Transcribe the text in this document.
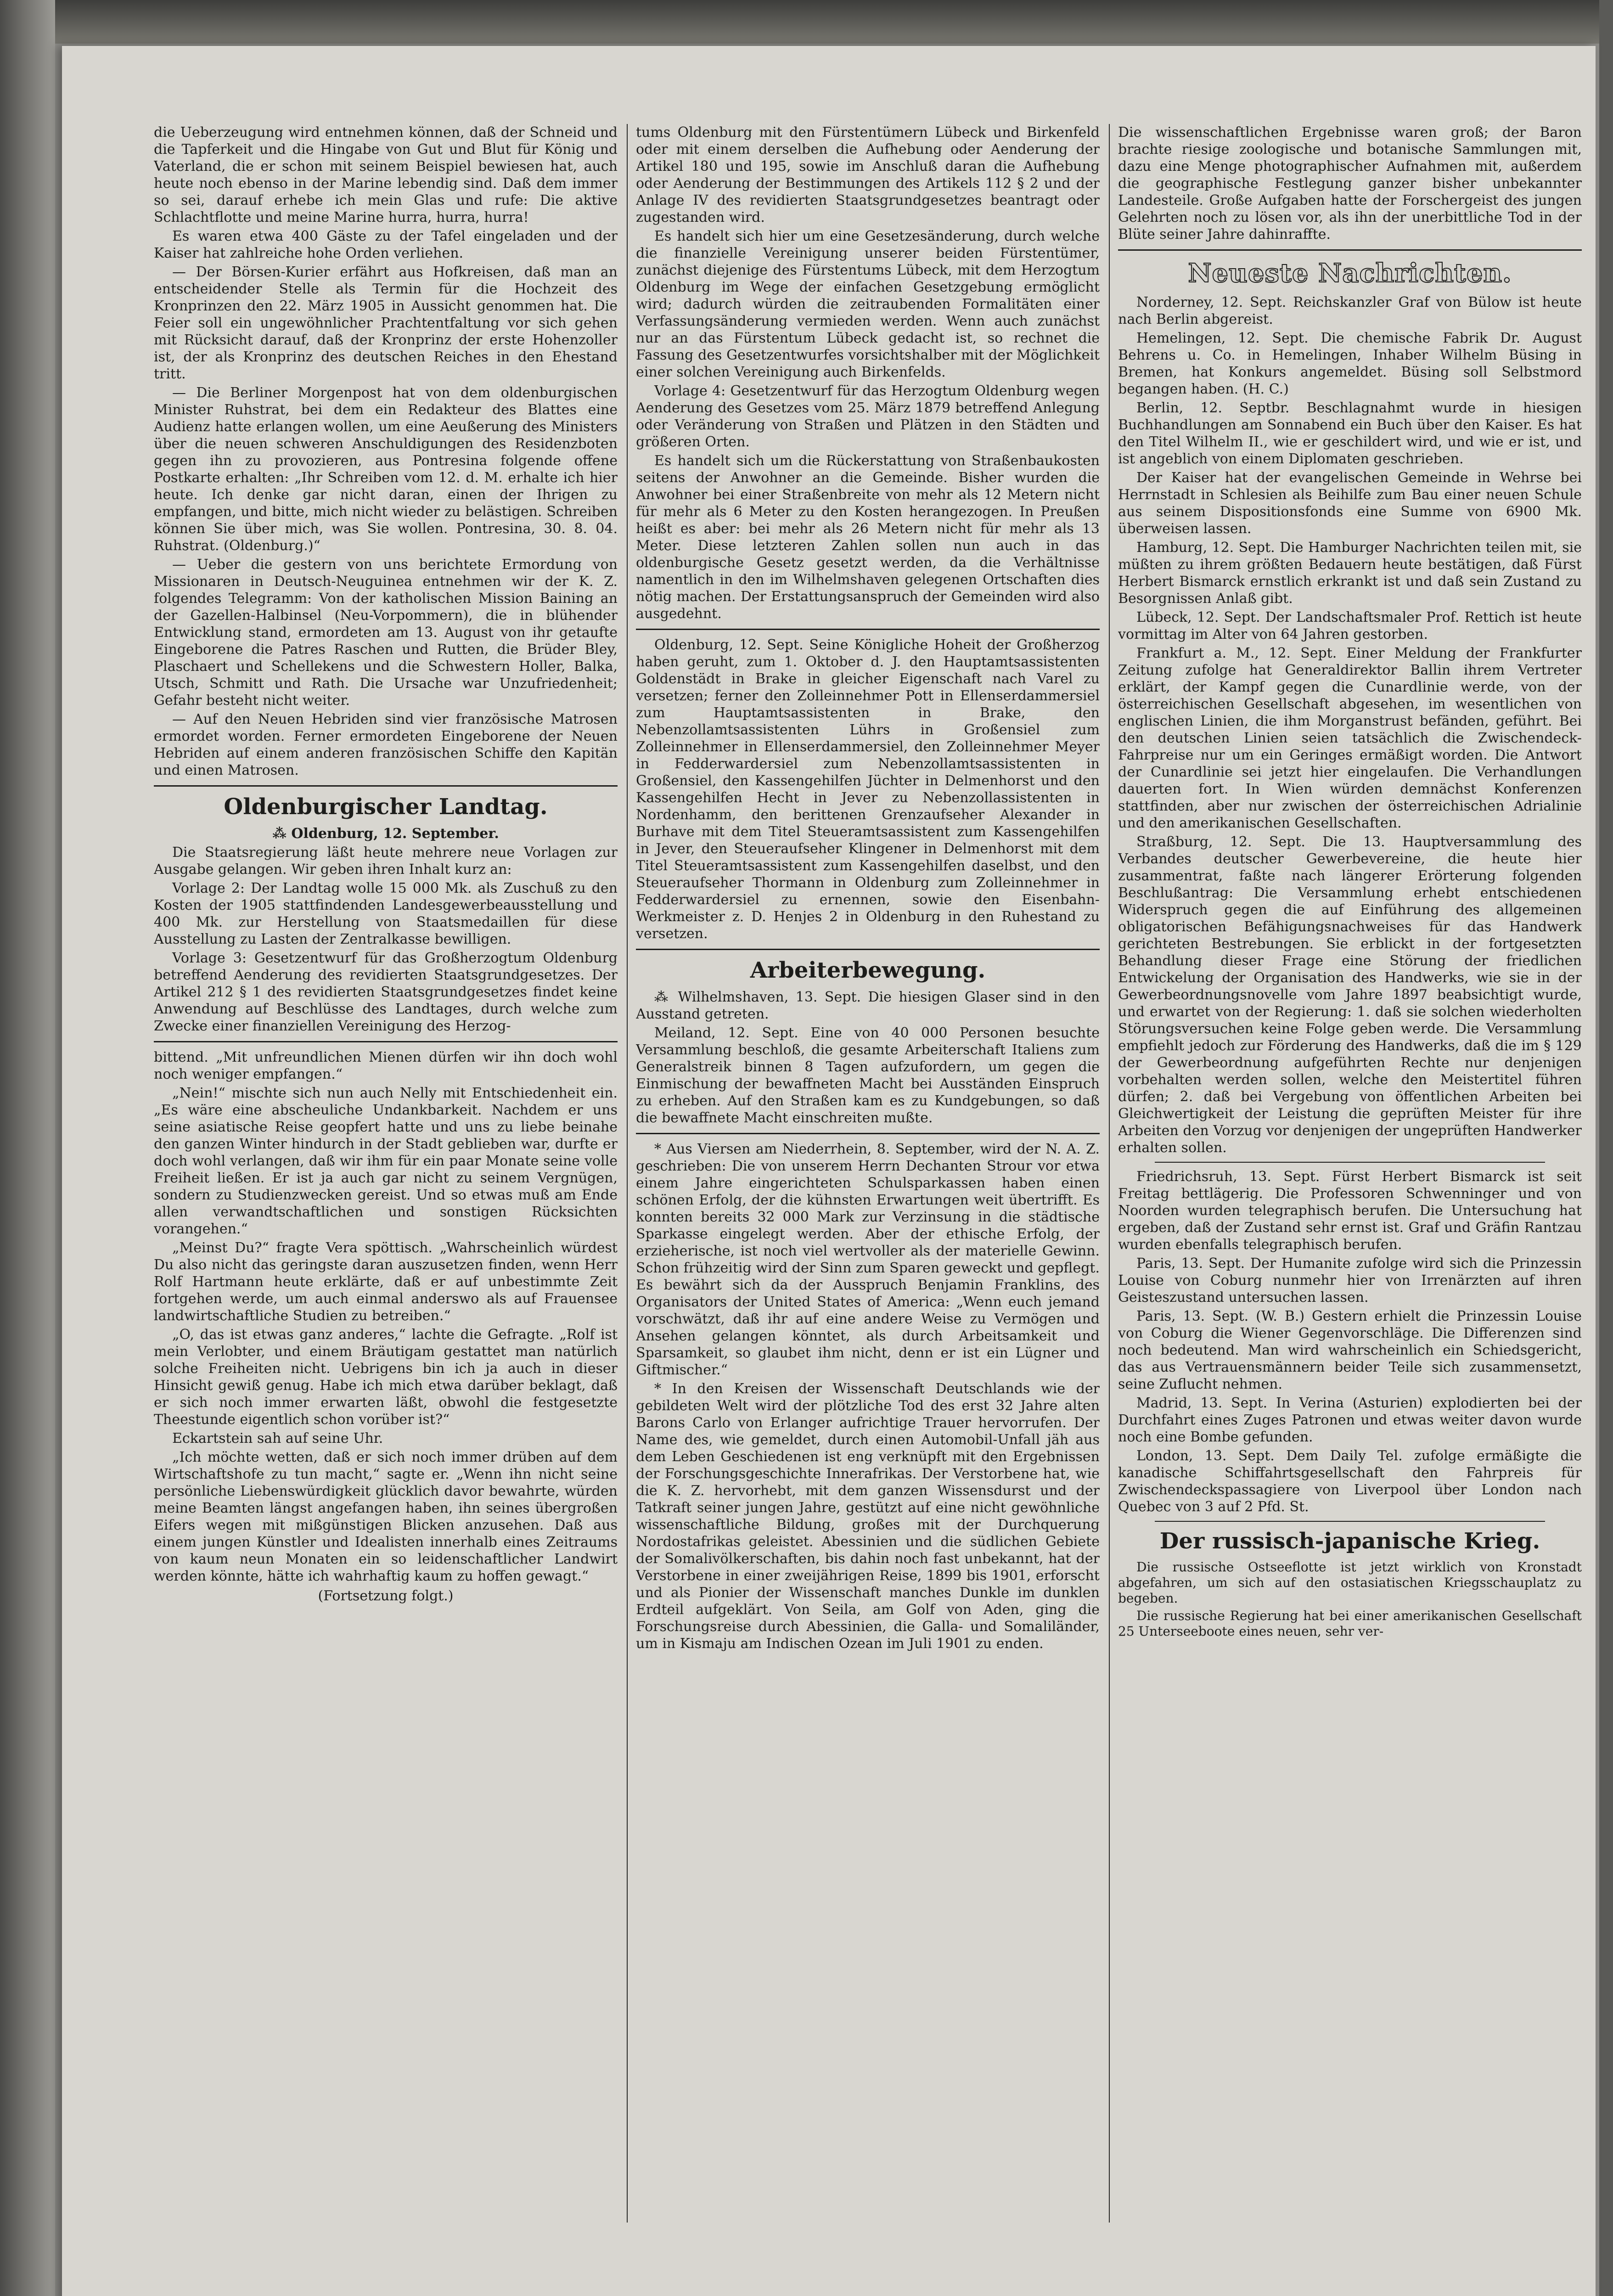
die Ueberzeugung wird entnehmen können, daß der Schneid und die Tapferkeit und die Hingabe von Gut und Blut für König und Vaterland, die er schon mit seinem Beispiel bewiesen hat, auch heute noch ebenso in der Marine lebendig sind. Daß dem immer so sei, darauf erhebe ich mein Glas und rufe: Die aktive Schlachtflotte und meine Marine hurra, hurra, hurra!

Es waren etwa 400 Gäste zu der Tafel eingeladen und der Kaiser hat zahlreiche hohe Orden verliehen.

— Der Börsen-Kurier erfährt aus Hofkreisen, daß man an entscheidender Stelle als Termin für die Hochzeit des Kronprinzen den 22. März 1905 in Aussicht genommen hat. Die Feier soll ein ungewöhnlicher Prachtentfaltung vor sich gehen mit Rücksicht darauf, daß der Kronprinz der erste Hohenzoller ist, der als Kronprinz des deutschen Reiches in den Ehestand tritt.

— Die Berliner Morgenpost hat von dem oldenburgischen Minister Ruhstrat, bei dem ein Redakteur des Blattes eine Audienz hatte erlangen wollen, um eine Aeußerung des Ministers über die neuen schweren Anschuldigungen des Residenzboten gegen ihn zu provozieren, aus Pontresina folgende offene Postkarte erhalten: „Ihr Schreiben vom 12. d. M. erhalte ich hier heute. Ich denke gar nicht daran, einen der Ihrigen zu empfangen, und bitte, mich nicht wieder zu belästigen. Schreiben können Sie über mich, was Sie wollen. Pontresina, 30. 8. 04. Ruhstrat. (Oldenburg.)“

— Ueber die gestern von uns berichtete Ermordung von Missionaren in Deutsch-Neuguinea entnehmen wir der K. Z. folgendes Telegramm: Von der katholischen Mission Baining an der Gazellen-Halbinsel (Neu-Vorpommern), die in blühender Entwicklung stand, ermordeten am 13. August von ihr getaufte Eingeborene die Patres Raschen und Rutten, die Brüder Bley, Plaschaert und Schellekens und die Schwestern Holler, Balka, Utsch, Schmitt und Rath. Die Ursache war Unzufriedenheit; Gefahr besteht nicht weiter.

— Auf den Neuen Hebriden sind vier französische Matrosen ermordet worden. Ferner ermordeten Eingeborene der Neuen Hebriden auf einem anderen französischen Schiffe den Kapitän und einen Matrosen.

Oldenburgischer Landtag.

⁂ Oldenburg, 12. September.

Die Staatsregierung läßt heute mehrere neue Vorlagen zur Ausgabe gelangen. Wir geben ihren Inhalt kurz an:

Vorlage 2: Der Landtag wolle 15 000 Mk. als Zuschuß zu den Kosten der 1905 stattfindenden Landesgewerbeausstellung und 400 Mk. zur Herstellung von Staatsmedaillen für diese Ausstellung zu Lasten der Zentralkasse bewilligen.

Vorlage 3: Gesetzentwurf für das Großherzogtum Oldenburg betreffend Aenderung des revidierten Staatsgrundgesetzes. Der Artikel 212 § 1 des revidierten Staatsgrundgesetzes findet keine Anwendung auf Beschlüsse des Landtages, durch welche zum Zwecke einer finanziellen Vereinigung des Herzog-

bittend. „Mit unfreundlichen Mienen dürfen wir ihn doch wohl noch weniger empfangen.“

„Nein!“ mischte sich nun auch Nelly mit Entschiedenheit ein. „Es wäre eine abscheuliche Undankbarkeit. Nachdem er uns seine asiatische Reise geopfert hatte und uns zu liebe beinahe den ganzen Winter hindurch in der Stadt geblieben war, durfte er doch wohl verlangen, daß wir ihm für ein paar Monate seine volle Freiheit ließen. Er ist ja auch gar nicht zu seinem Vergnügen, sondern zu Studienzwecken gereist. Und so etwas muß am Ende allen verwandtschaftlichen und sonstigen Rücksichten vorangehen.“

„Meinst Du?“ fragte Vera spöttisch. „Wahrscheinlich würdest Du also nicht das geringste daran auszusetzen finden, wenn Herr Rolf Hartmann heute erklärte, daß er auf unbestimmte Zeit fortgehen werde, um auch einmal anderswo als auf Frauensee landwirtschaftliche Studien zu betreiben.“

„O, das ist etwas ganz anderes,“ lachte die Gefragte. „Rolf ist mein Verlobter, und einem Bräutigam gestattet man natürlich solche Freiheiten nicht. Uebrigens bin ich ja auch in dieser Hinsicht gewiß genug. Habe ich mich etwa darüber beklagt, daß er sich noch immer erwarten läßt, obwohl die festgesetzte Theestunde eigentlich schon vorüber ist?“

Eckartstein sah auf seine Uhr.

„Ich möchte wetten, daß er sich noch immer drüben auf dem Wirtschaftshofe zu tun macht,“ sagte er. „Wenn ihn nicht seine persönliche Liebenswürdigkeit glücklich davor bewahrte, würden meine Beamten längst angefangen haben, ihn seines übergroßen Eifers wegen mit mißgünstigen Blicken anzusehen. Daß aus einem jungen Künstler und Idealisten innerhalb eines Zeitraums von kaum neun Monaten ein so leidenschaftlicher Landwirt werden könnte, hätte ich wahrhaftig kaum zu hoffen gewagt.“

(Fortsetzung folgt.)

tums Oldenburg mit den Fürstentümern Lübeck und Birkenfeld oder mit einem derselben die Aufhebung oder Aenderung der Artikel 180 und 195, sowie im Anschluß daran die Aufhebung oder Aenderung der Bestimmungen des Artikels 112 § 2 und der Anlage IV des revidierten Staatsgrundgesetzes beantragt oder zugestanden wird.

Es handelt sich hier um eine Gesetzesänderung, durch welche die finanzielle Vereinigung unserer beiden Fürstentümer, zunächst diejenige des Fürstentums Lübeck, mit dem Herzogtum Oldenburg im Wege der einfachen Gesetzgebung ermöglicht wird; dadurch würden die zeitraubenden Formalitäten einer Verfassungsänderung vermieden werden. Wenn auch zunächst nur an das Fürstentum Lübeck gedacht ist, so rechnet die Fassung des Gesetzentwurfes vorsichtshalber mit der Möglichkeit einer solchen Vereinigung auch Birkenfelds.

Vorlage 4: Gesetzentwurf für das Herzogtum Oldenburg wegen Aenderung des Gesetzes vom 25. März 1879 betreffend Anlegung oder Veränderung von Straßen und Plätzen in den Städten und größeren Orten.

Es handelt sich um die Rückerstattung von Straßenbaukosten seitens der Anwohner an die Gemeinde. Bisher wurden die Anwohner bei einer Straßenbreite von mehr als 12 Metern nicht für mehr als 6 Meter zu den Kosten herangezogen. In Preußen heißt es aber: bei mehr als 26 Metern nicht für mehr als 13 Meter. Diese letzteren Zahlen sollen nun auch in das oldenburgische Gesetz gesetzt werden, da die Verhältnisse namentlich in den im Wilhelmshaven gelegenen Ortschaften dies nötig machen. Der Erstattungsanspruch der Gemeinden wird also ausgedehnt.

Oldenburg, 12. Sept. Seine Königliche Hoheit der Großherzog haben geruht, zum 1. Oktober d. J. den Hauptamtsassistenten Goldenstädt in Brake in gleicher Eigenschaft nach Varel zu versetzen; ferner den Zolleinnehmer Pott in Ellenserdammersiel zum Hauptamtsassistenten in Brake, den Nebenzollamtsassistenten Lührs in Großensiel zum Zolleinnehmer in Ellenserdammersiel, den Zolleinnehmer Meyer in Fedderwardersiel zum Nebenzollamtsassistenten in Großensiel, den Kassengehilfen Jüchter in Delmenhorst und den Kassengehilfen Hecht in Jever zu Nebenzollassistenten in Nordenhamm, den berittenen Grenzaufseher Alexander in Burhave mit dem Titel Steueramtsassistent zum Kassengehilfen in Jever, den Steueraufseher Klingener in Delmenhorst mit dem Titel Steueramtsassistent zum Kassengehilfen daselbst, und den Steueraufseher Thormann in Oldenburg zum Zolleinnehmer in Fedderwardersiel zu ernennen, sowie den Eisenbahn-Werkmeister z. D. Henjes 2 in Oldenburg in den Ruhestand zu versetzen.

Arbeiterbewegung.

⁂ Wilhelmshaven, 13. Sept. Die hiesigen Glaser sind in den Ausstand getreten.

Meiland, 12. Sept. Eine von 40 000 Personen besuchte Versammlung beschloß, die gesamte Arbeiterschaft Italiens zum Generalstreik binnen 8 Tagen aufzufordern, um gegen die Einmischung der bewaffneten Macht bei Ausständen Einspruch zu erheben. Auf den Straßen kam es zu Kundgebungen, so daß die bewaffnete Macht einschreiten mußte.

* Aus Viersen am Niederrhein, 8. September, wird der N. A. Z. geschrieben: Die von unserem Herrn Dechanten Strour vor etwa einem Jahre eingerichteten Schulsparkassen haben einen schönen Erfolg, der die kühnsten Erwartungen weit übertrifft. Es konnten bereits 32 000 Mark zur Verzinsung in die städtische Sparkasse eingelegt werden. Aber der ethische Erfolg, der erzieherische, ist noch viel wertvoller als der materielle Gewinn. Schon frühzeitig wird der Sinn zum Sparen geweckt und gepflegt. Es bewährt sich da der Ausspruch Benjamin Franklins, des Organisators der United States of America: „Wenn euch jemand vorschwätzt, daß ihr auf eine andere Weise zu Vermögen und Ansehen gelangen könntet, als durch Arbeitsamkeit und Sparsamkeit, so glaubet ihm nicht, denn er ist ein Lügner und Giftmischer.“

* In den Kreisen der Wissenschaft Deutschlands wie der gebildeten Welt wird der plötzliche Tod des erst 32 Jahre alten Barons Carlo von Erlanger aufrichtige Trauer hervorrufen. Der Name des, wie gemeldet, durch einen Automobil-Unfall jäh aus dem Leben Geschiedenen ist eng verknüpft mit den Ergebnissen der Forschungsgeschichte Innerafrikas. Der Verstorbene hat, wie die K. Z. hervorhebt, mit dem ganzen Wissensdurst und der Tatkraft seiner jungen Jahre, gestützt auf eine nicht gewöhnliche wissenschaftliche Bildung, großes mit der Durchquerung Nordostafrikas geleistet. Abessinien und die südlichen Gebiete der Somalivölkerschaften, bis dahin noch fast unbekannt, hat der Verstorbene in einer zweijährigen Reise, 1899 bis 1901, erforscht und als Pionier der Wissenschaft manches Dunkle im dunklen Erdteil aufgeklärt. Von Seila, am Golf von Aden, ging die Forschungsreise durch Abessinien, die Galla- und Somaliländer, um in Kismaju am Indischen Ozean im Juli 1901 zu enden.

Die wissenschaftlichen Ergebnisse waren groß; der Baron brachte riesige zoologische und botanische Sammlungen mit, dazu eine Menge photographischer Aufnahmen mit, außerdem die geographische Festlegung ganzer bisher unbekannter Landesteile. Große Aufgaben hatte der Forschergeist des jungen Gelehrten noch zu lösen vor, als ihn der unerbittliche Tod in der Blüte seiner Jahre dahinraffte.

Neueste Nachrichten.

Norderney, 12. Sept. Reichskanzler Graf von Bülow ist heute nach Berlin abgereist.

Hemelingen, 12. Sept. Die chemische Fabrik Dr. August Behrens u. Co. in Hemelingen, Inhaber Wilhelm Büsing in Bremen, hat Konkurs angemeldet. Büsing soll Selbstmord begangen haben. (H. C.)

Berlin, 12. Septbr. Beschlagnahmt wurde in hiesigen Buchhandlungen am Sonnabend ein Buch über den Kaiser. Es hat den Titel Wilhelm II., wie er geschildert wird, und wie er ist, und ist angeblich von einem Diplomaten geschrieben.

Der Kaiser hat der evangelischen Gemeinde in Wehrse bei Herrnstadt in Schlesien als Beihilfe zum Bau einer neuen Schule aus seinem Dispositionsfonds eine Summe von 6900 Mk. überweisen lassen.

Hamburg, 12. Sept. Die Hamburger Nachrichten teilen mit, sie müßten zu ihrem größten Bedauern heute bestätigen, daß Fürst Herbert Bismarck ernstlich erkrankt ist und daß sein Zustand zu Besorgnissen Anlaß gibt.

Lübeck, 12. Sept. Der Landschaftsmaler Prof. Rettich ist heute vormittag im Alter von 64 Jahren gestorben.

Frankfurt a. M., 12. Sept. Einer Meldung der Frankfurter Zeitung zufolge hat Generaldirektor Ballin ihrem Vertreter erklärt, der Kampf gegen die Cunardlinie werde, von der österreichischen Gesellschaft abgesehen, im wesentlichen von englischen Linien, die ihm Morganstrust befänden, geführt. Bei den deutschen Linien seien tatsächlich die Zwischendeck-Fahrpreise nur um ein Geringes ermäßigt worden. Die Antwort der Cunardlinie sei jetzt hier eingelaufen. Die Verhandlungen dauerten fort. In Wien würden demnächst Konferenzen stattfinden, aber nur zwischen der österreichischen Adrialinie und den amerikanischen Gesellschaften.

Straßburg, 12. Sept. Die 13. Hauptversammlung des Verbandes deutscher Gewerbevereine, die heute hier zusammentrat, faßte nach längerer Erörterung folgenden Beschlußantrag: Die Versammlung erhebt entschiedenen Widerspruch gegen die auf Einführung des allgemeinen obligatorischen Befähigungsnachweises für das Handwerk gerichteten Bestrebungen. Sie erblickt in der fortgesetzten Behandlung dieser Frage eine Störung der friedlichen Entwickelung der Organisation des Handwerks, wie sie in der Gewerbeordnungsnovelle vom Jahre 1897 beabsichtigt wurde, und erwartet von der Regierung: 1. daß sie solchen wiederholten Störungsversuchen keine Folge geben werde. Die Versammlung empfiehlt jedoch zur Förderung des Handwerks, daß die im § 129 der Gewerbeordnung aufgeführten Rechte nur denjenigen vorbehalten werden sollen, welche den Meistertitel führen dürfen; 2. daß bei Vergebung von öffentlichen Arbeiten bei Gleichwertigkeit der Leistung die geprüften Meister für ihre Arbeiten den Vorzug vor denjenigen der ungeprüften Handwerker erhalten sollen.

Friedrichsruh, 13. Sept. Fürst Herbert Bismarck ist seit Freitag bettlägerig. Die Professoren Schwenninger und von Noorden wurden telegraphisch berufen. Die Untersuchung hat ergeben, daß der Zustand sehr ernst ist. Graf und Gräfin Rantzau wurden ebenfalls telegraphisch berufen.

Paris, 13. Sept. Der Humanite zufolge wird sich die Prinzessin Louise von Coburg nunmehr hier von Irrenärzten auf ihren Geisteszustand untersuchen lassen.

Paris, 13. Sept. (W. B.) Gestern erhielt die Prinzessin Louise von Coburg die Wiener Gegenvorschläge. Die Differenzen sind noch bedeutend. Man wird wahrscheinlich ein Schiedsgericht, das aus Vertrauensmännern beider Teile sich zusammensetzt, seine Zuflucht nehmen.

Madrid, 13. Sept. In Verina (Asturien) explodierten bei der Durchfahrt eines Zuges Patronen und etwas weiter davon wurde noch eine Bombe gefunden.

London, 13. Sept. Dem Daily Tel. zufolge ermäßigte die kanadische Schiffahrtsgesellschaft den Fahrpreis für Zwischendeckspassagiere von Liverpool über London nach Quebec von 3 auf 2 Pfd. St.

Der russisch-japanische Krieg.

Die russische Ostseeflotte ist jetzt wirklich von Kronstadt abgefahren, um sich auf den ostasiatischen Kriegsschauplatz zu begeben.

Die russische Regierung hat bei einer amerikanischen Gesellschaft 25 Unterseeboote eines neuen, sehr ver-
